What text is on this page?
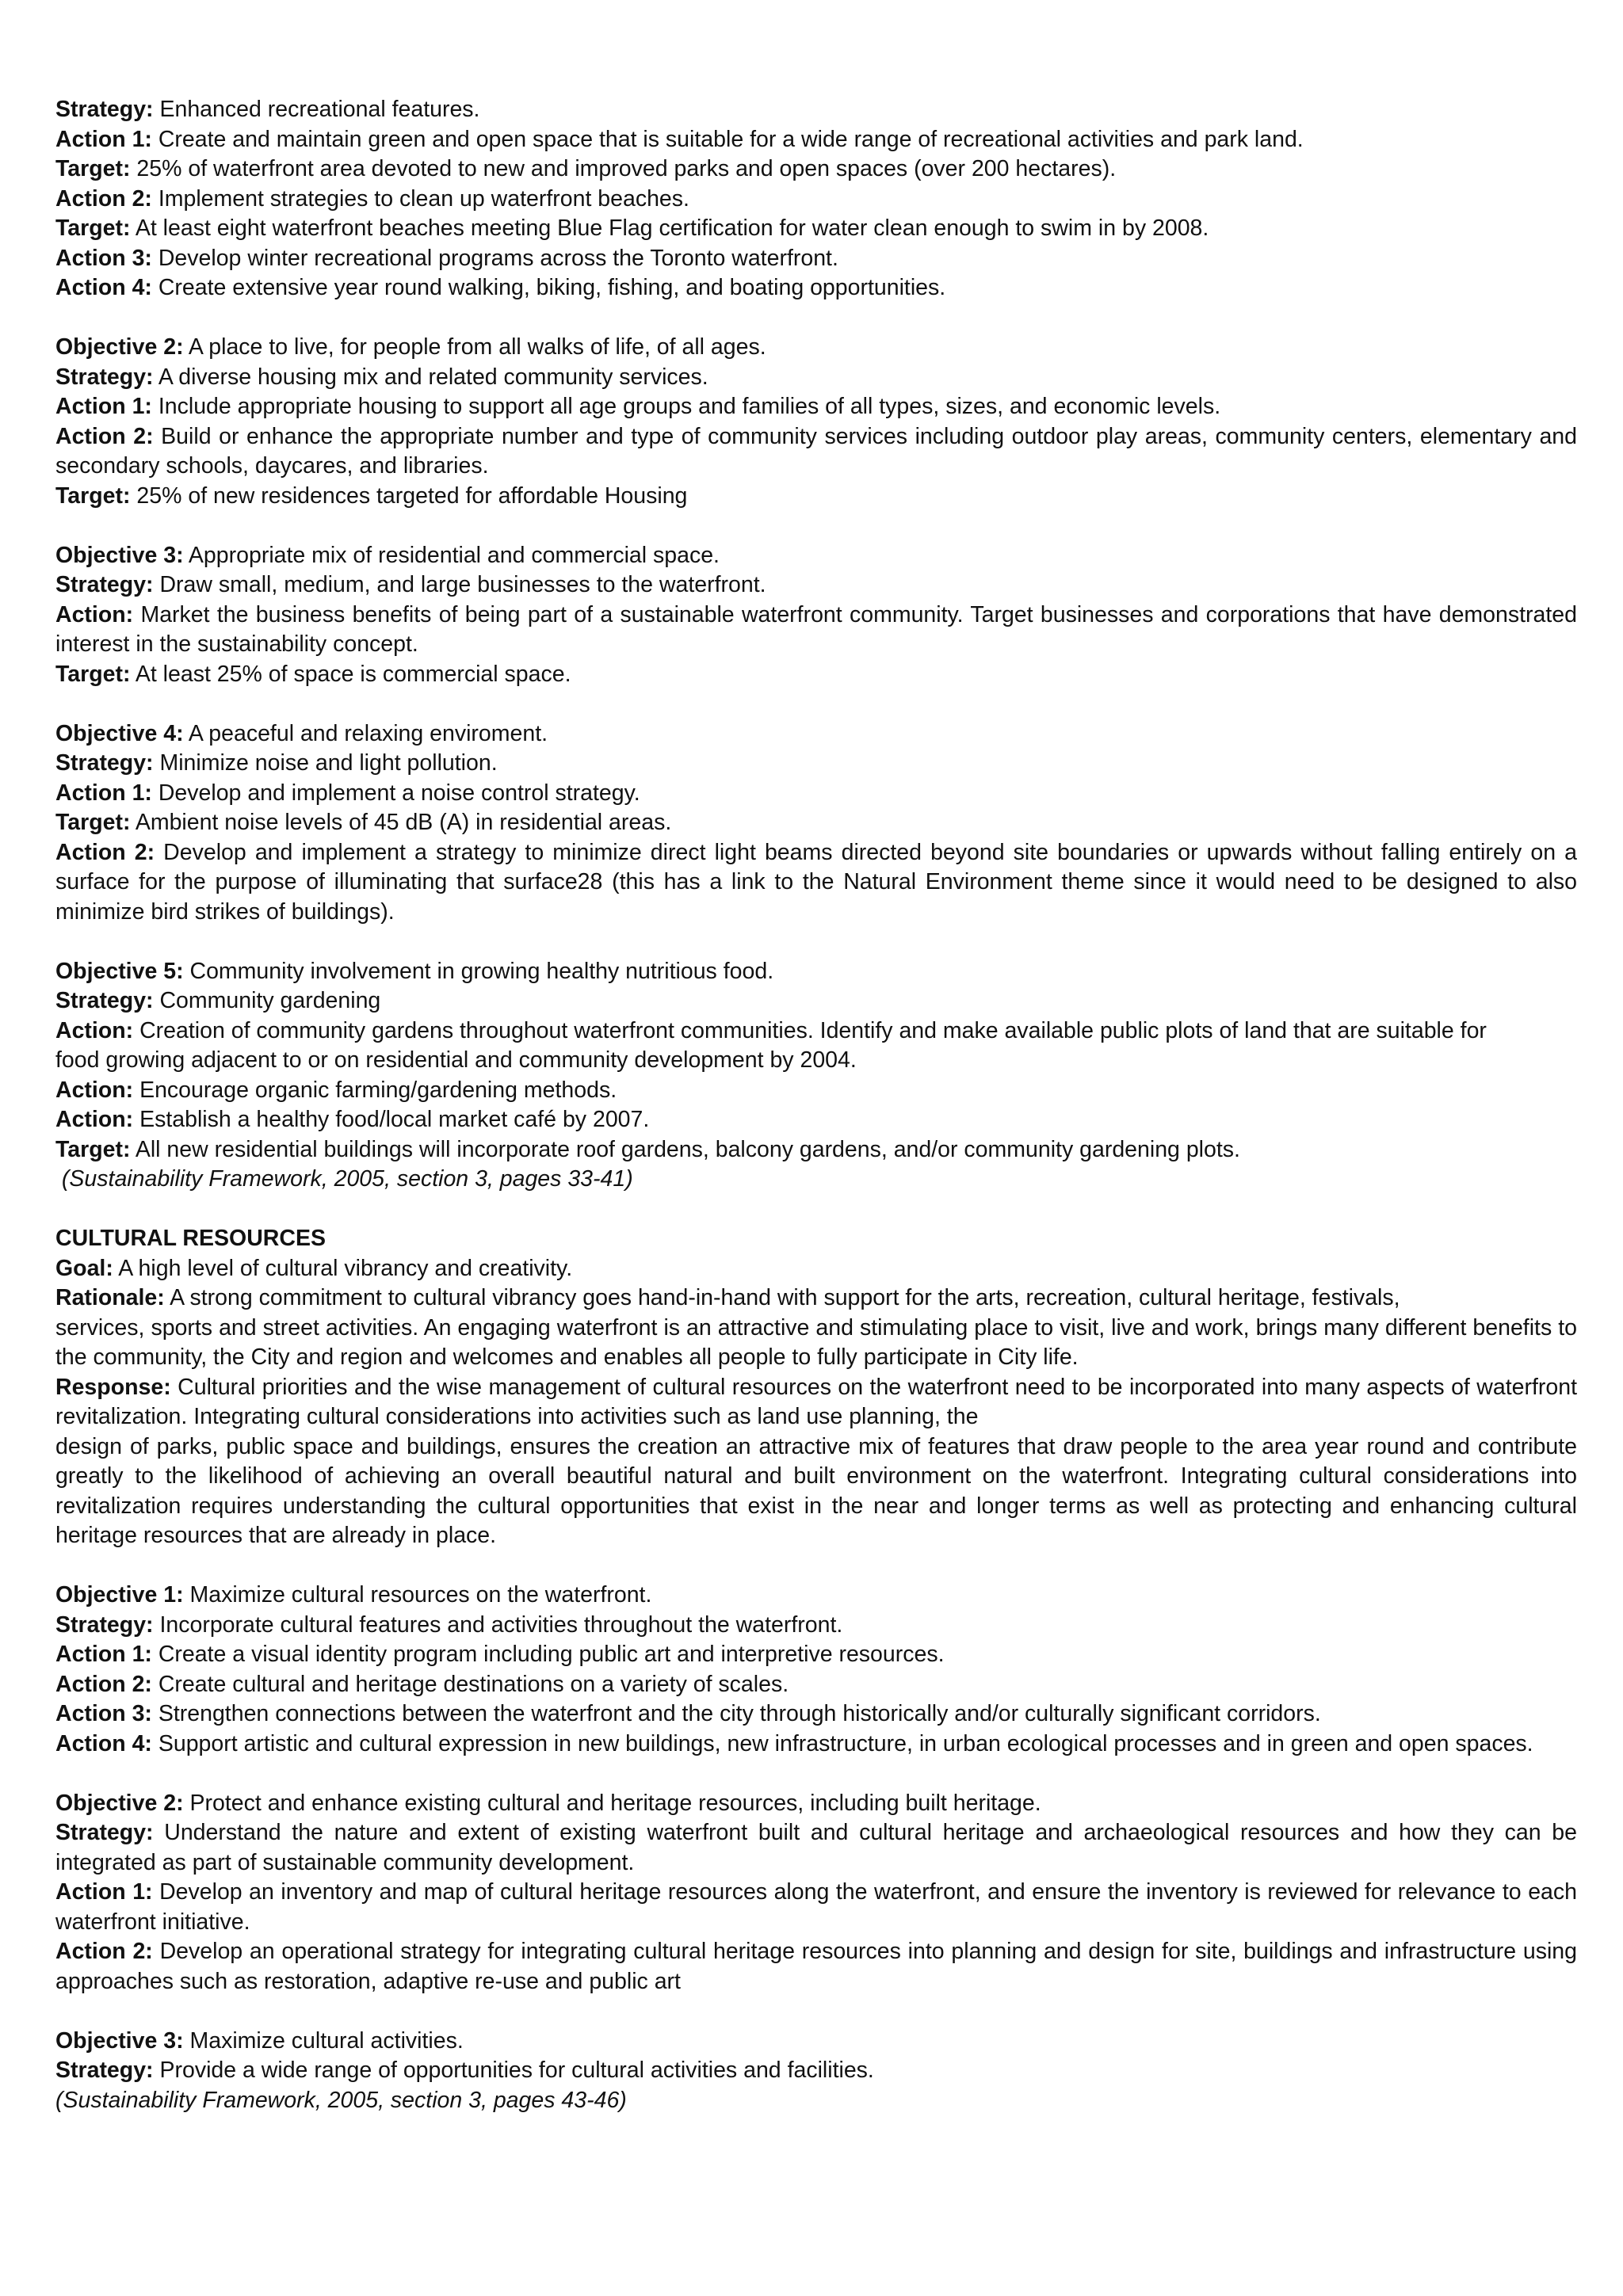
Strategy: Enhanced recreational features.
Action 1: Create and maintain green and open space that is suitable for a wide range of recreational activities and park land.
Target: 25% of waterfront area devoted to new and improved parks and open spaces (over 200 hectares).
Action 2: Implement strategies to clean up waterfront beaches.
Target: At least eight waterfront beaches meeting Blue Flag certification for water clean enough to swim in by 2008.
Action 3: Develop winter recreational programs across the Toronto waterfront.
Action 4: Create extensive year round walking, biking, fishing, and boating opportunities.
Objective 2: A place to live, for people from all walks of life, of all ages.
Strategy: A diverse housing mix and related community services.
Action 1: Include appropriate housing to support all age groups and families of all types, sizes, and economic levels.
Action 2: Build or enhance the appropriate number and type of community services including outdoor play areas, community centers, elementary and secondary schools, daycares, and libraries.
Target: 25% of new residences targeted for affordable Housing
Objective 3: Appropriate mix of residential and commercial space.
Strategy: Draw small, medium, and large businesses to the waterfront.
Action: Market the business benefits of being part of a sustainable waterfront community. Target businesses and corporations that have demonstrated interest in the sustainability concept.
Target: At least 25% of space is commercial space.
Objective 4: A peaceful and relaxing enviroment.
Strategy: Minimize noise and light pollution.
Action 1: Develop and implement a noise control strategy.
Target: Ambient noise levels of 45 dB (A) in residential areas.
Action 2: Develop and implement a strategy to minimize direct light beams directed beyond site boundaries or upwards without falling entirely on a surface for the purpose of illuminating that surface28 (this has a link to the Natural Environment theme since it would need to be designed to also minimize bird strikes of buildings).
Objective 5: Community involvement in growing healthy nutritious food.
Strategy: Community gardening
Action: Creation of community gardens throughout waterfront communities. Identify and make available public plots of land that are suitable for
food growing adjacent to or on residential and community development by 2004.
Action: Encourage organic farming/gardening methods.
Action: Establish a healthy food/local market café by 2007.
Target: All new residential buildings will incorporate roof gardens, balcony gardens, and/or community gardening plots.
(Sustainability Framework, 2005, section 3, pages 33-41)
CULTURAL RESOURCES
Goal: A high level of cultural vibrancy and creativity.
Rationale: A strong commitment to cultural vibrancy goes hand-in-hand with support for the arts, recreation, cultural heritage, festivals,
services, sports and street activities. An engaging waterfront is an attractive and stimulating place to visit, live and work, brings many different benefits to the community, the City and region and welcomes and enables all people to fully participate in City life.
Response: Cultural priorities and the wise management of cultural resources on the waterfront need to be incorporated into many aspects of waterfront revitalization. Integrating cultural considerations into activities such as land use planning, the
design of parks, public space and buildings, ensures the creation an attractive mix of features that draw people to the area year round and contribute greatly to the likelihood of achieving an overall beautiful natural and built environment on the waterfront. Integrating cultural considerations into revitalization requires understanding the cultural opportunities that exist in the near and longer terms as well as protecting and enhancing cultural heritage resources that are already in place.
Objective 1: Maximize cultural resources on the waterfront.
Strategy: Incorporate cultural features and activities throughout the waterfront.
Action 1: Create a visual identity program including public art and interpretive resources.
Action 2: Create cultural and heritage destinations on a variety of scales.
Action 3: Strengthen connections between the waterfront and the city through historically and/or culturally significant corridors.
Action 4: Support artistic and cultural expression in new buildings, new infrastructure, in urban ecological processes and in green and open spaces.
Objective 2: Protect and enhance existing cultural and heritage resources, including built heritage.
Strategy: Understand the nature and extent of existing waterfront built and cultural heritage and archaeological resources and how they can be integrated as part of sustainable community development.
Action 1: Develop an inventory and map of cultural heritage resources along the waterfront, and ensure the inventory is reviewed for relevance to each waterfront initiative.
Action 2: Develop an operational strategy for integrating cultural heritage resources into planning and design for site, buildings and infrastructure using approaches such as restoration, adaptive re-use and public art
Objective 3: Maximize cultural activities.
Strategy: Provide a wide range of opportunities for cultural activities and facilities.
(Sustainability Framework, 2005, section 3, pages 43-46)
